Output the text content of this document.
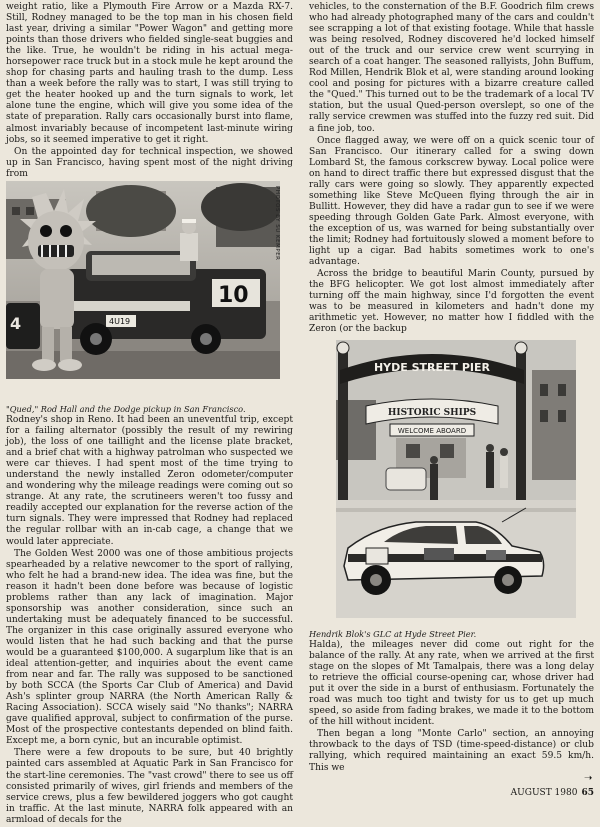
weight ratio, like a Plymouth Fire Arrow or a Mazda RX-7. Still, Rodney managed to be the top man in his chosen field last year, driving a similar "Power Wagon" and getting more points than those drivers who fielded single-seat buggies and the like. True, he wouldn't be riding in his actual mega-horsepower race truck but in a stock mule he kept around the shop for chasing parts and hauling trash to the dump. Less than a week before the rally was to start, I was still trying to get the heater hooked up and the turn signals to work, let alone tune the engine, which will give you some idea of the state of preparation. Rally cars occasionally burst into flame, almost invariably because of incompetent last-minute wiring jobs, so it seemed imperative to get it right.

On the appointed day for technical inspection, we showed up in San Francisco, having spent most of the night driving from

4
10
4U19
PHOTOS BY SU KEMPER
"Qued," Rod Hall and the Dodge pickup in San Francisco.

Rodney's shop in Reno. It had been an uneventful trip, except for a failing alternator (possibly the result of my rewiring job), the loss of one taillight and the license plate bracket, and a brief chat with a highway patrolman who suspected we were car thieves. I had spent most of the time trying to understand the newly installed Zeron odometer/computer and wondering why the mileage readings were coming out so strange. At any rate, the scrutineers weren't too fussy and readily accepted our explanation for the reverse action of the turn signals. They were impressed that Rodney had replaced the regular rollbar with an in-cab cage, a change that we would later appreciate.

The Golden West 2000 was one of those ambitious projects spearheaded by a relative newcomer to the sport of rallying, who felt he had a brand-new idea. The idea was fine, but the reason it hadn't been done before was because of logistic problems rather than any lack of imagination. Major sponsorship was another consideration, since such an undertaking must be adequately financed to be successful. The organizer in this case originally assured everyone who would listen that he had such backing and that the purse would be a guaranteed $100,000. A sugarplum like that is an ideal attention-getter, and inquiries about the event came from near and far. The rally was supposed to be sanctioned by both SCCA (the Sports Car Club of America) and David Ash's splinter group NARRA (the North American Rally & Racing Association). SCCA wisely said "No thanks"; NARRA gave qualified approval, subject to confirmation of the purse. Most of the prospective contestants depended on blind faith. Except me, a born cynic, but an incurable optimist.

There were a few dropouts to be sure, but 40 brightly painted cars assembled at Aquatic Park in San Francisco for the start-line ceremonies. The "vast crowd" there to see us off consisted primarily of wives, girl friends and members of the service crews, plus a few bewildered joggers who got caught in traffic. At the last minute, NARRA folk appeared with an armload of decals for the

vehicles, to the consternation of the B.F. Goodrich film crews who had already photographed many of the cars and couldn't see scrapping a lot of that existing footage. While that hassle was being resolved, Rodney discovered he'd locked himself out of the truck and our service crew went scurrying in search of a coat hanger. The seasoned rallyists, John Buffum, Rod Millen, Hendrik Blok et al, were standing around looking cool and posing for pictures with a bizarre creature called the "Qued." This turned out to be the trademark of a local TV station, but the usual Qued-person overslept, so one of the rally service crewmen was stuffed into the fuzzy red suit. Did a fine job, too.

Once flagged away, we were off on a quick scenic tour of San Francisco. Our itinerary called for a swing down Lombard St, the famous corkscrew byway. Local police were on hand to direct traffic there but expressed disgust that the rally cars were going so slowly. They apparently expected something like Steve McQueen flying through the air in Bullitt. However, they did have a radar gun to see if we were speeding through Golden Gate Park. Almost everyone, with the exception of us, was warned for being substantially over the limit; Rodney had fortuitously slowed a moment before to light up a cigar. Bad habits sometimes work to one's advantage.

Across the bridge to beautiful Marin County, pursued by the BFG helicopter. We got lost almost immediately after turning off the main highway, since I'd forgotten the event was to be measured in kilometers and hadn't done my arithmetic yet. However, no matter how I fiddled with the Zeron (or the backup

HYDE STREET PIER
HISTORIC SHIPS
WELCOME ABOARD
Hendrik Blok's GLC at Hyde Street Pier.

Halda), the mileages never did come out right for the balance of the rally. At any rate, when we arrived at the first stage on the slopes of Mt Tamalpais, there was a long delay to retrieve the official course-opening car, whose driver had put it over the side in a burst of enthusiasm. Fortunately the road was much too tight and twisty for us to get up much speed, so aside from fading brakes, we made it to the bottom of the hill without incident.

Then began a long "Monte Carlo" section, an annoying throwback to the days of TSD (time-speed-distance) or club rallying, which required maintaining an exact 59.5 km/h. This we

➝
AUGUST 1980 65
